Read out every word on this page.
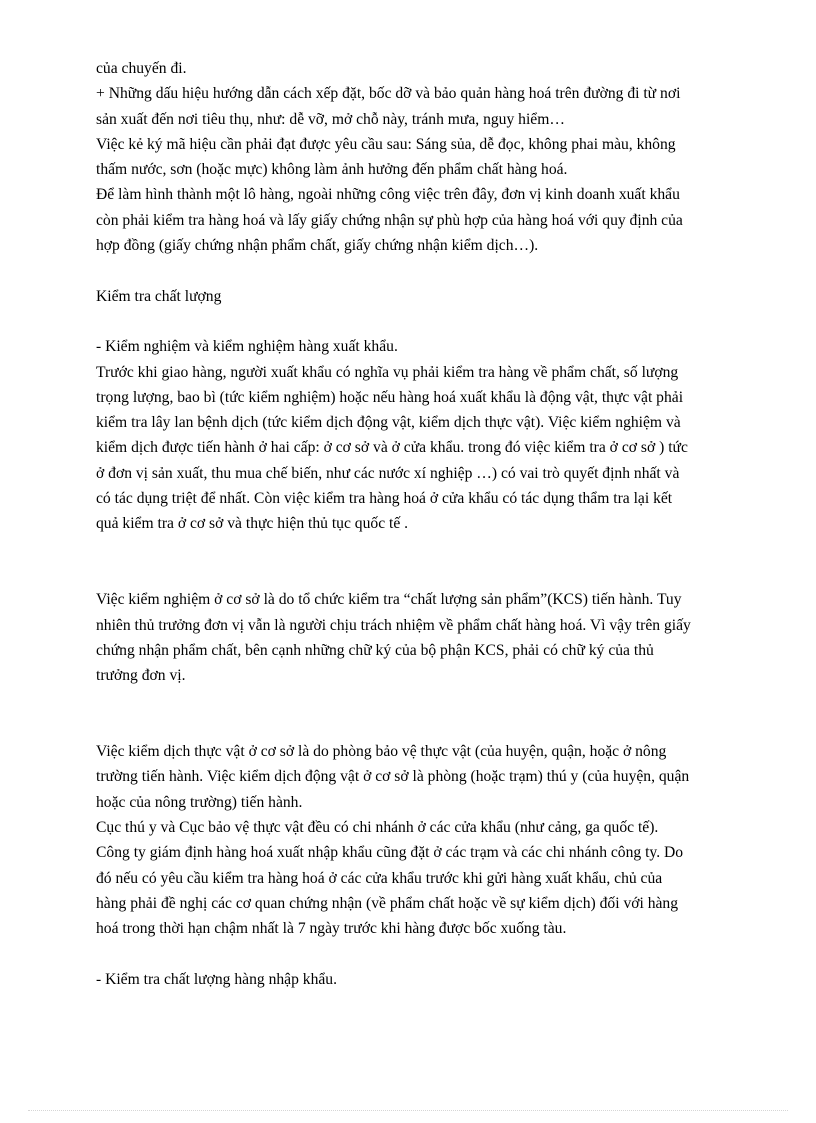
của chuyến đi.
+ Những dấu hiệu hướng dẫn cách xếp đặt, bốc dỡ và bảo quản hàng hoá trên đường đi từ nơi
sản xuất đến nơi tiêu thụ, như: dễ vỡ, mở chỗ này, tránh mưa, nguy hiểm…
Việc kẻ ký mã hiệu cần phải đạt được yêu cầu sau: Sáng sủa, dễ đọc, không phai màu, không
thấm nước, sơn (hoặc mực) không làm ảnh hưởng đến phẩm chất hàng hoá.
Để làm hình thành một lô hàng, ngoài những công việc trên đây, đơn vị kinh doanh xuất khẩu
còn phải kiểm tra hàng hoá và lấy giấy chứng nhận sự phù hợp của hàng hoá với quy định của
hợp đồng (giấy chứng nhận phẩm chất, giấy chứng nhận kiểm dịch…).
Kiểm tra chất lượng
- Kiểm nghiệm và kiểm nghiệm hàng xuất khẩu.
Trước khi giao hàng, người xuất khẩu có nghĩa vụ phải kiểm tra hàng về phẩm chất, số lượng
trọng lượng, bao bì (tức kiểm nghiệm) hoặc nếu hàng hoá xuất khẩu là động vật, thực vật phải
kiểm tra lây lan bệnh dịch (tức kiểm dịch động vật, kiểm dịch thực vật). Việc kiểm nghiệm và
kiểm dịch được tiến hành ở hai cấp: ở cơ sở và ở cửa khẩu. trong đó việc kiểm tra ở cơ sở ) tức
ở đơn vị sản xuất, thu mua chế biến, như các nước xí nghiệp …) có vai trò quyết định nhất và
có tác dụng triệt để nhất. Còn việc kiểm tra hàng hoá ở cửa khẩu có tác dụng thẩm tra lại kết
quả kiểm tra ở cơ sở và thực hiện thủ tục quốc tế .
Việc kiểm nghiệm ở cơ sở là do tổ chức kiểm tra “chất lượng sản phẩm”(KCS) tiến hành. Tuy
nhiên thủ trưởng đơn vị vẫn là người chịu trách nhiệm về phẩm chất hàng hoá. Vì vậy trên giấy
chứng nhận phẩm chất, bên cạnh những chữ ký của bộ phận KCS, phải có chữ ký của thủ
trưởng đơn vị.
Việc kiểm dịch thực vật ở cơ sở là do phòng bảo vệ thực vật (của huyện, quận, hoặc ở nông
trường tiến hành. Việc kiểm dịch động vật ở cơ sở là phòng (hoặc trạm) thú y (của huyện, quận
hoặc của nông trường) tiến hành.
Cục thú y và Cục bảo vệ thực vật đều có chi nhánh ở các cửa khẩu (như cảng, ga quốc tế).
Công ty giám định hàng hoá xuất nhập khẩu cũng đặt ở các trạm và các chi nhánh công ty. Do
đó nếu có yêu cầu kiểm tra hàng hoá ở các cửa khẩu trước khi gửi hàng xuất khẩu, chủ của
hàng phải đề nghị các cơ quan chứng nhận (về phẩm chất hoặc về sự kiểm dịch) đối với hàng
hoá trong thời hạn chậm nhất là 7 ngày trước khi hàng được bốc xuống tàu.
- Kiểm tra chất lượng hàng nhập khẩu.
